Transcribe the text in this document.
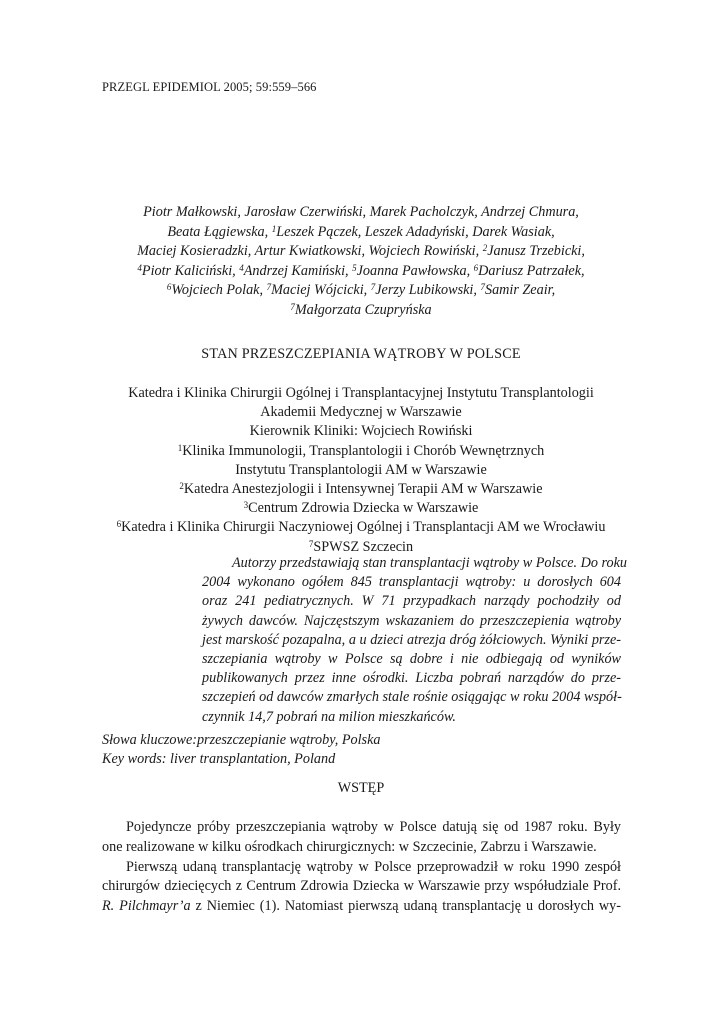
PRZEGL EPIDEMIOL 2005; 59:559–566
Piotr Małkowski, Jarosław Czerwiński, Marek Pacholczyk, Andrzej Chmura,
Beata Łągiewska, $^1$Leszek Pączek, Leszek Adadyński, Darek Wasiak,
Maciej Kosieradzki, Artur Kwiatkowski, Wojciech Rowiński, $^2$Janusz Trzebicki,
$^4$Piotr Kaliciński, $^4$Andrzej Kamiński, $^5$Joanna Pawłowska, $^6$Dariusz Patrzałek,
$^6$Wojciech Polak, $^7$Maciej Wójcicki, $^7$Jerzy Lubikowski, $^7$Samir Zeair,
$^7$Małgorzata Czupryńska
STAN PRZESZCZEPIANIA WĄTROBY W POLSCE
Katedra i Klinika Chirurgii Ogólnej i Transplantacyjnej Instytutu Transplantologii
Akademii Medycznej w Warszawie
Kierownik Kliniki: Wojciech Rowiński
$^1$Klinika Immunologii, Transplantologii i Chorób Wewnętrznych
Instytutu Transplantologii AM w Warszawie
$^2$Katedra Anestezjologii i Intensywnej Terapii AM w Warszawie
$^3$Centrum Zdrowia Dziecka w Warszawie
$^6$Katedra i Klinika Chirurgii Naczyniowej Ogólnej i Transplantacji AM we Wrocławiu
$^7$SPWSZ Szczecin
Autorzy przedstawiają stan transplantacji wątroby w Polsce. Do roku
2004 wykonano ogółem 845 transplantacji wątroby: u dorosłych 604
oraz 241 pediatrycznych. W 71 przypadkach narządy pochodziły od
żywych dawców. Najczęstszym wskazaniem do przeszczepienia wątroby
jest marskość pozapalna, a u dzieci atrezja dróg żółciowych. Wyniki prze-
szczepiania wątroby w Polsce są dobre i nie odbiegają od wyników
publikowanych przez inne ośrodki. Liczba pobrań narządów do prze-
szczepień od dawców zmarłych stale rośnie osiągając w roku 2004 współ-
czynnik 14,7 pobrań na milion mieszkańców.
Słowa kluczowe:przeszczepianie wątroby, Polska
Key words: liver transplantation, Poland
WSTĘP
Pojedyncze próby przeszczepiania wątroby w Polsce datują się od 1987 roku. Były
one realizowane w kilku ośrodkach chirurgicznych: w Szczecinie, Zabrzu i Warszawie.
Pierwszą udaną transplantację wątroby w Polsce przeprowadził w roku 1990 zespół
chirurgów dziecięcych z Centrum Zdrowia Dziecka w Warszawie przy współudziale Prof.
R. Pilchmayr’a z Niemiec (1). Natomiast pierwszą udaną transplantację u dorosłych wy-
